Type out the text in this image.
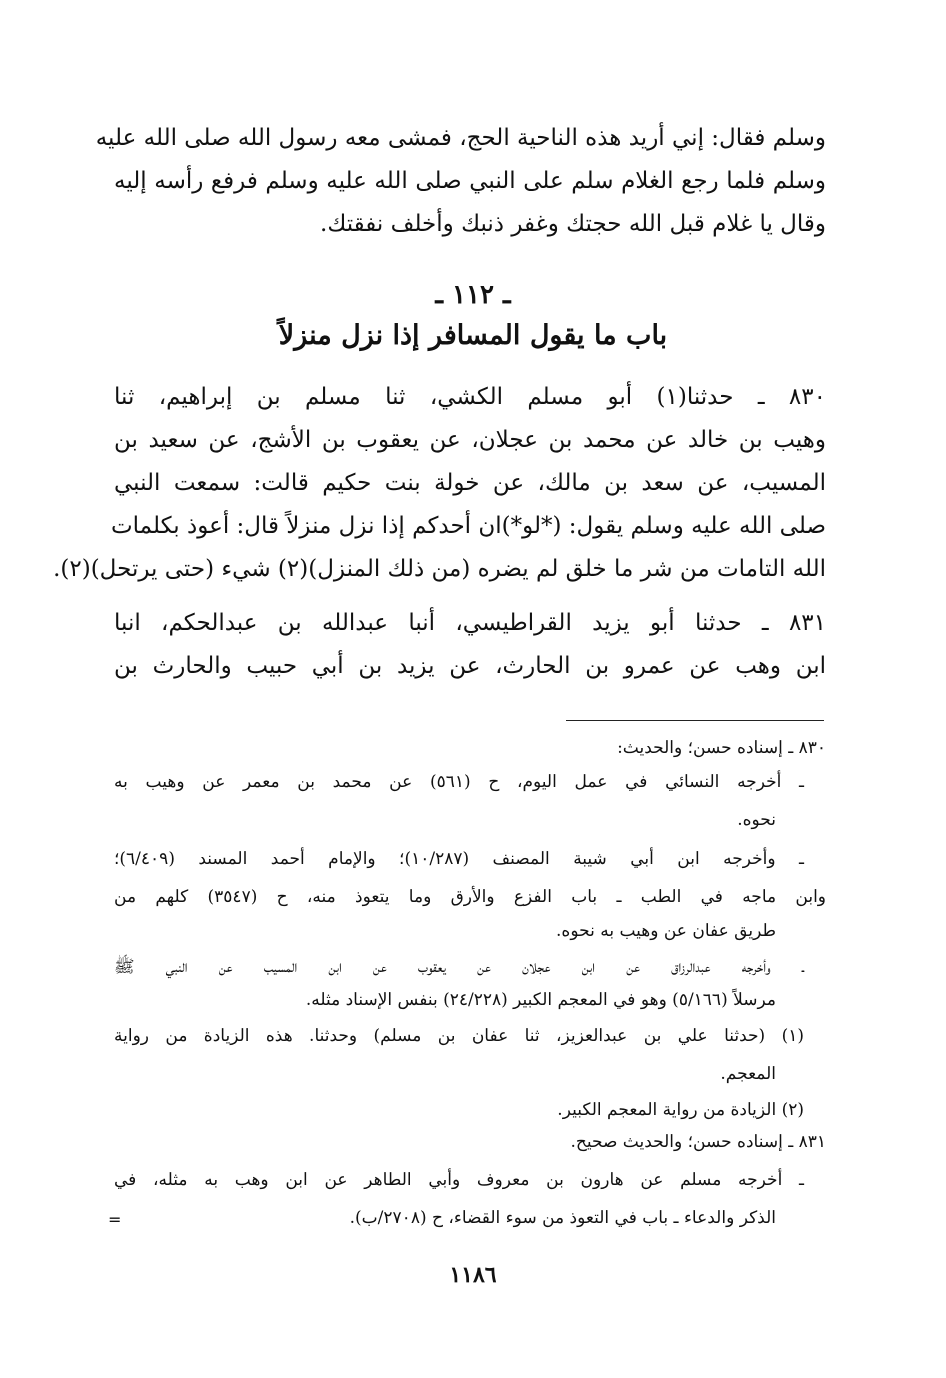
وسلم فقال: إني أريد هذه الناحية الحج، فمشى معه رسول الله صلى الله عليه
وسلم فلما رجع الغلام سلم على النبي صلى الله عليه وسلم فرفع رأسه إليه
وقال يا غلام قبل الله حجتك وغفر ذنبك وأخلف نفقتك.
ـ ١١٢ ـ
باب ما يقول المسافر إذا نزل منزلاً
٨٣٠ ـ حدثنا(١) أبو مسلم الكشي، ثنا مسلم بن إبراهيم، ثنا
وهيب بن خالد عن محمد بن عجلان، عن يعقوب بن الأشج، عن سعيد بن
المسيب، عن سعد بن مالك، عن خولة بنت حكيم قالت: سمعت النبي
صلى الله عليه وسلم يقول: (*لو*)ان أحدكم إذا نزل منزلاً قال: أعوذ بكلمات
الله التامات من شر ما خلق لم يضره (من ذلك المنزل)(٢) شيء (حتى يرتحل)(٢).
٨٣١ ـ حدثنا أبو يزيد القراطيسي، أنبا عبدالله بن عبدالحكم، انبا
ابن وهب عن عمرو بن الحارث، عن يزيد بن أبي حبيب والحارث بن
٨٣٠ ـ إسناده حسن؛ والحديث:
ـ أخرجه النسائي في عمل اليوم، ح (٥٦١) عن محمد بن معمر عن وهيب به
نحوه.
ـ وأخرجه ابن أبي شيبة المصنف (١٠/٢٨٧)؛ والإمام أحمد المسند (٦/٤٠٩)؛
وابن ماجه في الطب ـ باب الفزع والأرق وما يتعوذ منه، ح (٣٥٤٧) كلهم من
طريق عفان عن وهيب به نحوه.
ـ وأخرجه عبدالرزاق عن ابن عجلان عن يعقوب عن ابن المسيب عن النبي ﷺ
مرسلاً (٥/١٦٦) وهو في المعجم الكبير (٢٤/٢٢٨) بنفس الإسناد مثله.
(١) (حدثنا علي بن عبدالعزيز، ثنا عفان بن مسلم) وحدثنا. هذه الزيادة من رواية
المعجم.
(٢) الزيادة من رواية المعجم الكبير.
٨٣١ ـ إسناده حسن؛ والحديث صحيح.
ـ أخرجه مسلم عن هارون بن معروف وأبي الطاهر عن ابن وهب به مثله، في
الذكر والدعاء ـ باب في التعوذ من سوء القضاء، ح (٢٧٠٨/ب).
=
١١٨٦
